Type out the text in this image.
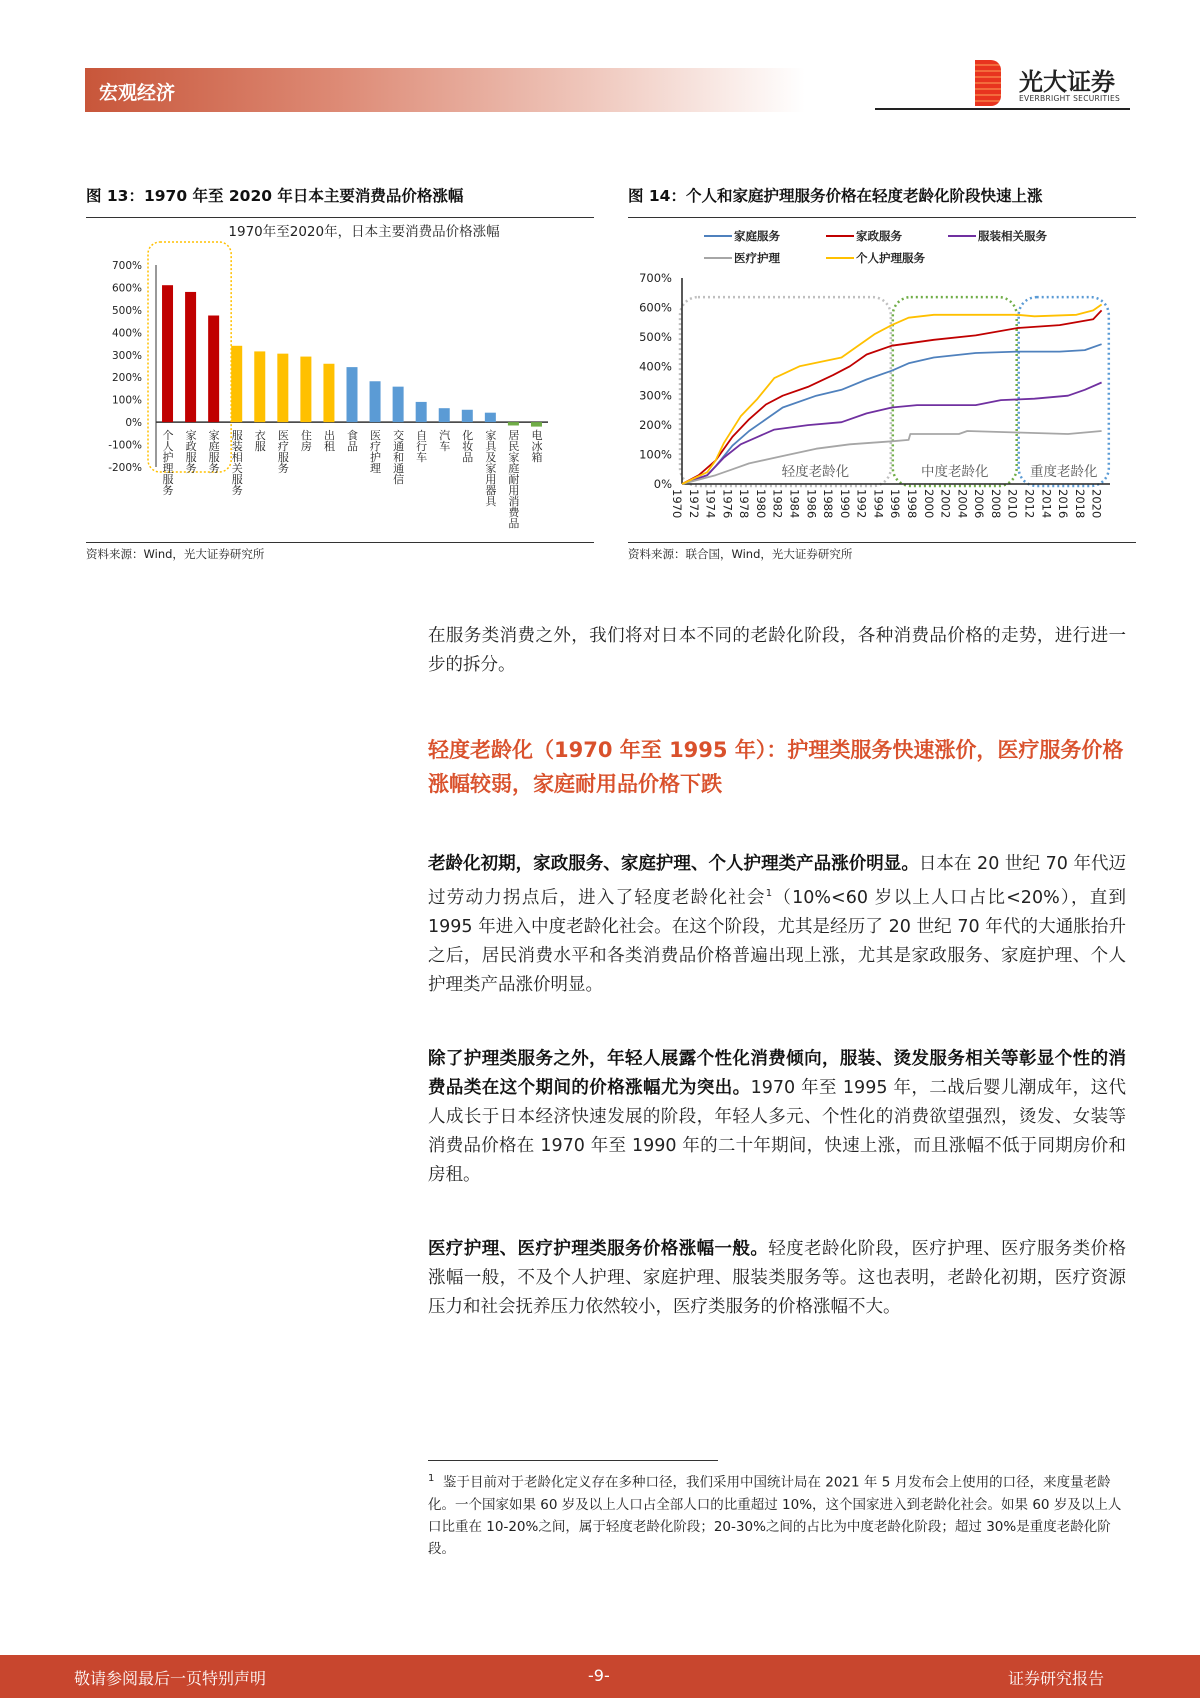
宏观经济	光大证券
EVERBRIGHT SECURITIES
图 13：1970 年至 2020 年日本主要消费品价格涨幅
1970年至2020年，日本主要消费品价格涨幅
700%
600%
500%
400%
300%
200%
100%
0%
-100%
-200% 个人护理服务 家政服务 家庭服务 服装相关服务 衣服 医疗服务 住房 出租 食品 医疗护理 交通和通信 自行车 汽车 化妆品 家具及家用器具 居民家庭耐用消费品 电冰箱
资料来源：Wind，光大证券研究所
图 14：个人和家庭护理服务价格在轻度老龄化阶段快速上涨
家庭服务	家政服务	服装相关服务
医疗护理	个人护理服务
轻度老龄化	中度老龄化	重度老龄化
700%
600%
500%
400%
300%
200%
100%
0%
1970 1972 1974 1976 1978 1980 1982 1984 1986 1988 1990 1992 1994 1996 1998 2000 2002 2004 2006 2008 2010 2012 2014 2016 2018 2020
资料来源：联合国，Wind，光大证券研究所
在服务类消费之外，我们将对日本不同的老龄化阶段，各种消费品价格的走势，进行进一步的拆分。
轻度老龄化（1970 年至 1995 年）：护理类服务快速涨价，医疗服务价格涨幅较弱，家庭耐用品价格下跌
老龄化初期，家政服务、家庭护理、个人护理类产品涨价明显。日本在 20 世纪 70 年代迈过劳动力拐点后，进入了轻度老龄化社会$^1$（10%<60 岁以上人口占比<20%），直到 1995 年进入中度老龄化社会。在这个阶段，尤其是经历了 20 世纪 70 年代的大通胀抬升之后，居民消费水平和各类消费品价格普遍出现上涨，尤其是家政服务、家庭护理、个人护理类产品涨价明显。
除了护理类服务之外，年轻人展露个性化消费倾向，服装、烫发服务相关等彰显个性的消费品类在这个期间的价格涨幅尤为突出。1970 年至 1995 年，二战后婴儿潮成年，这代人成长于日本经济快速发展的阶段，年轻人多元、个性化的消费欲望强烈，烫发、女装等消费品价格在 1970 年至 1990 年的二十年期间，快速上涨，而且涨幅不低于同期房价和房租。
医疗护理、医疗护理类服务价格涨幅一般。轻度老龄化阶段，医疗护理、医疗服务类价格涨幅一般，不及个人护理、家庭护理、服装类服务等。这也表明，老龄化初期，医疗资源压力和社会抚养压力依然较小，医疗类服务的价格涨幅不大。
$^1$ 鉴于目前对于老龄化定义存在多种口径，我们采用中国统计局在 2021 年 5 月发布会上使用的口径，来度量老龄化。一个国家如果 60 岁及以上人口占全部人口的比重超过 10%，这个国家进入到老龄化社会。如果 60 岁及以上人口比重在 10-20%之间，属于轻度老龄化阶段；20-30%之间的占比为中度老龄化阶段；超过 30%是重度老龄化阶段。
敬请参阅最后一页特别声明	-9-	证券研究报告
